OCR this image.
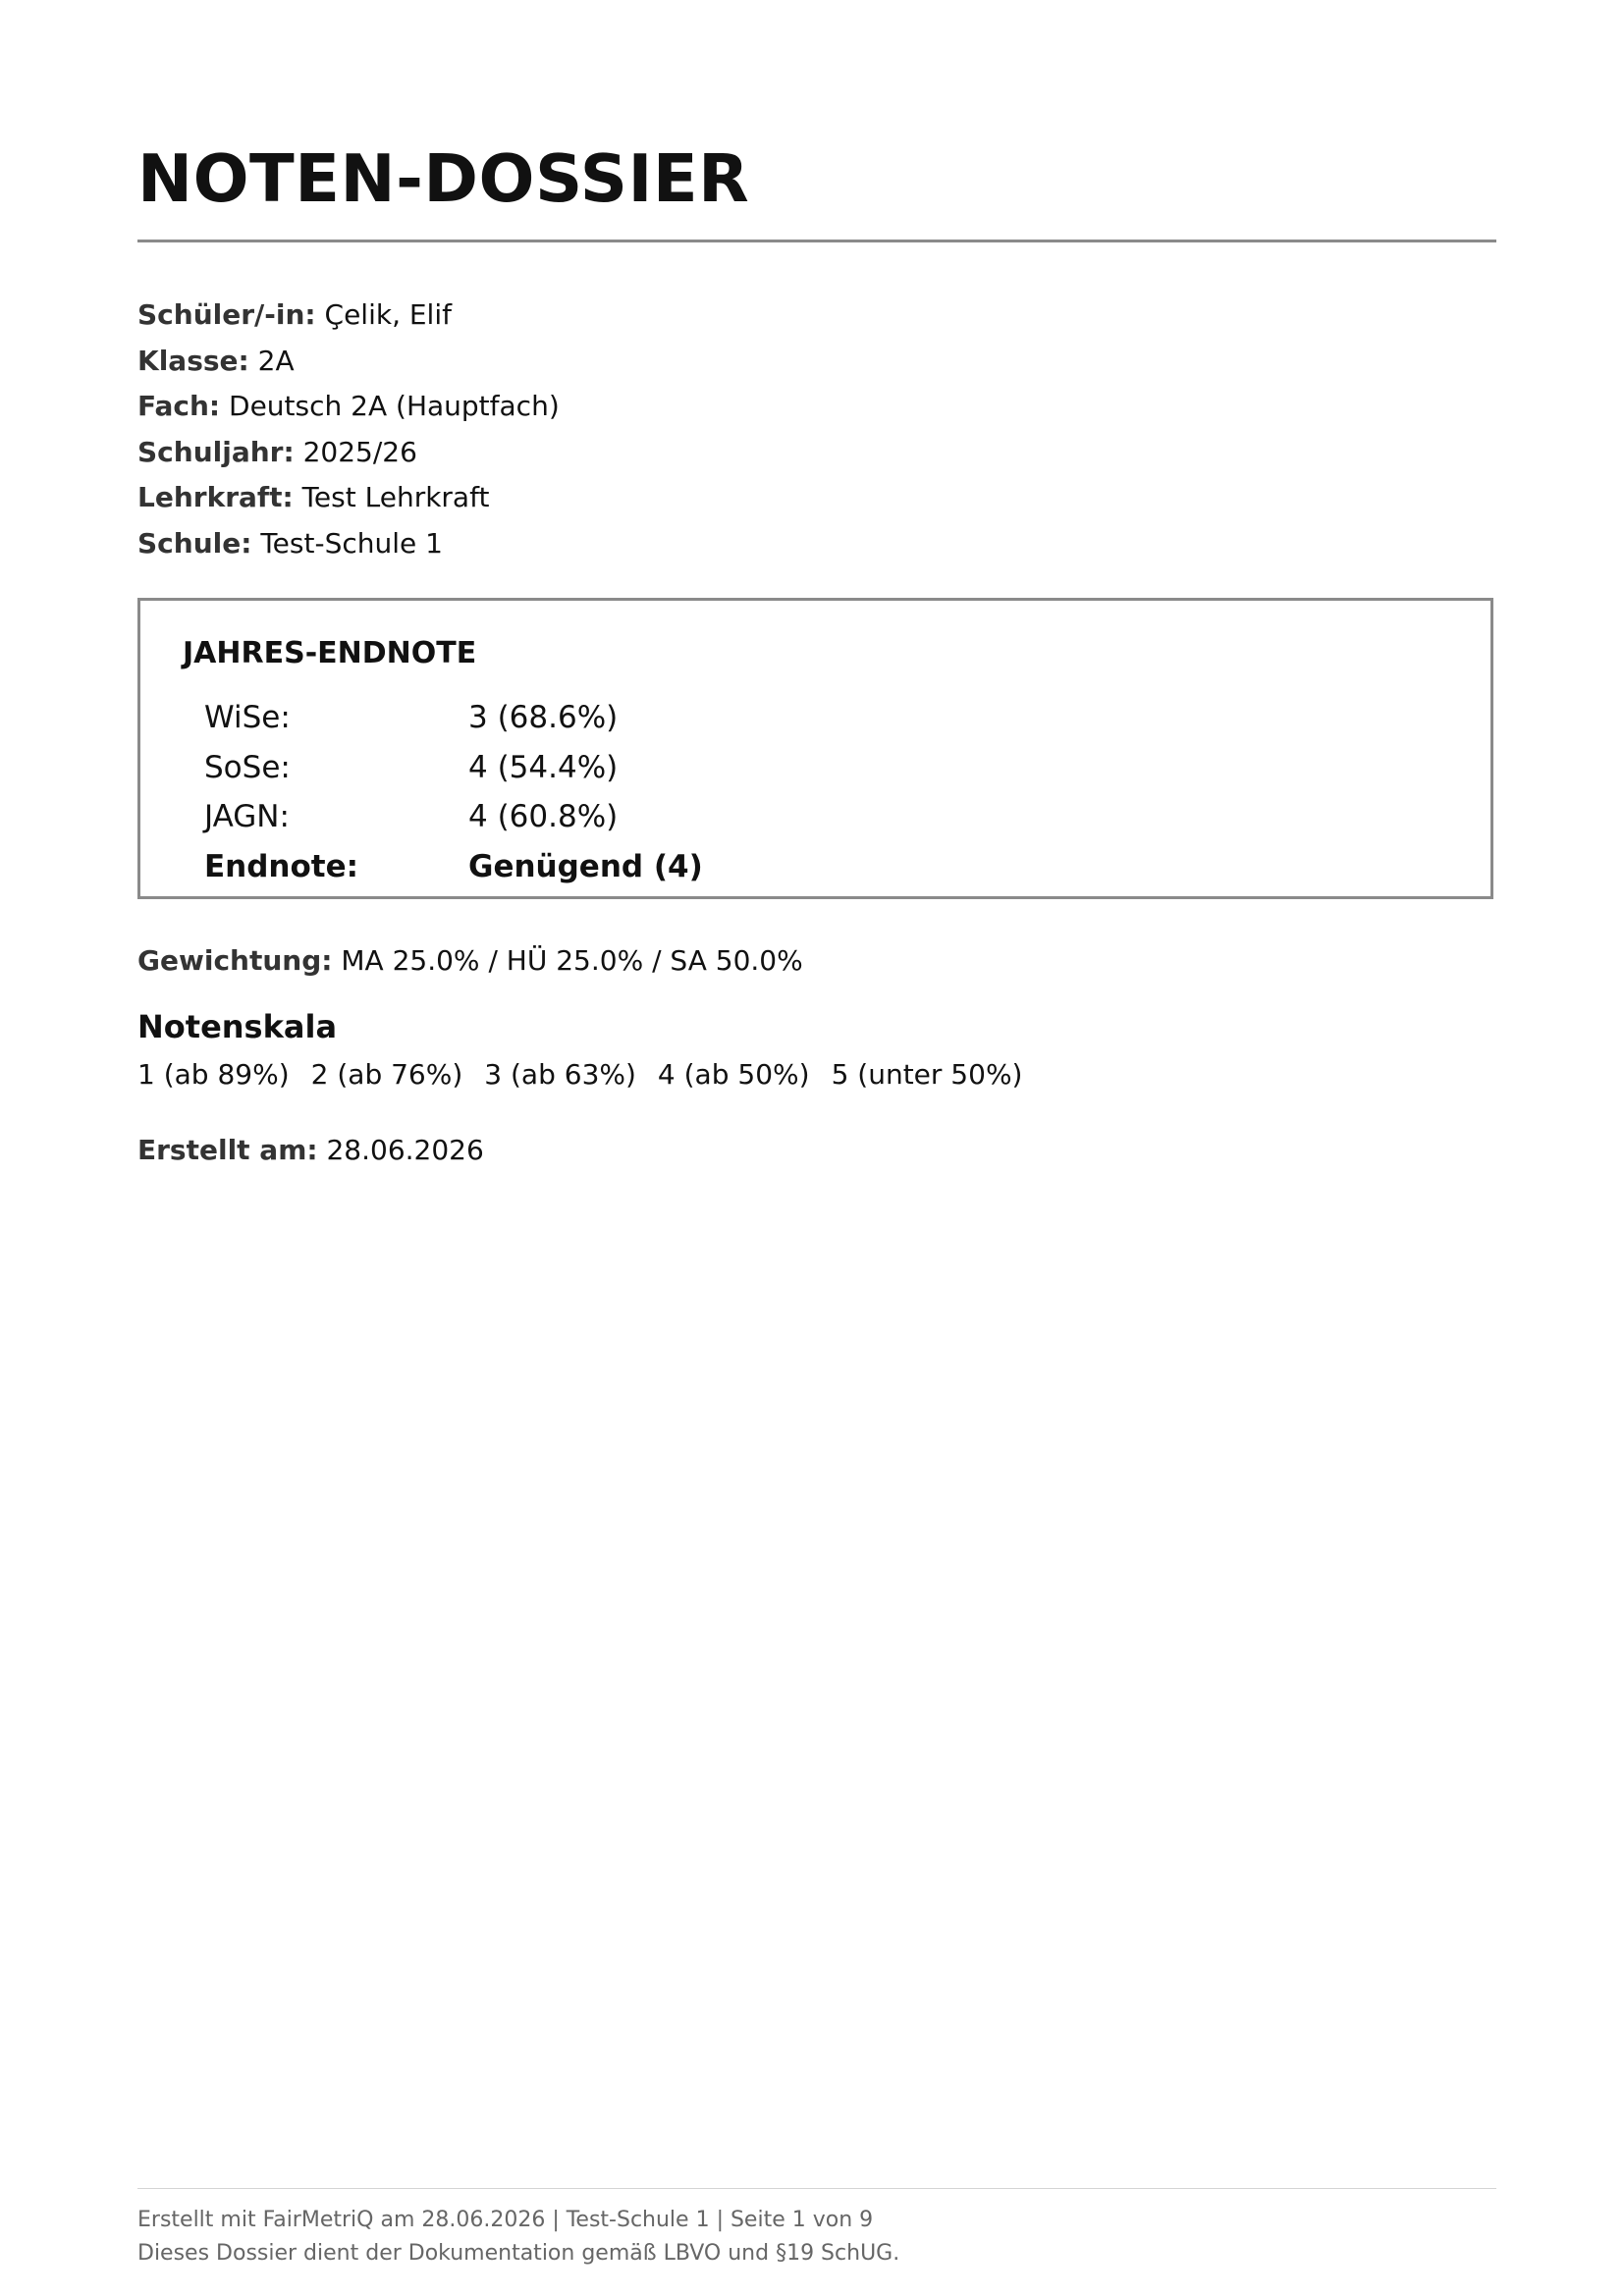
NOTEN-DOSSIER
Schüler/-in: Çelik, Elif
Klasse: 2A
Fach: Deutsch 2A (Hauptfach)
Schuljahr: 2025/26
Lehrkraft: Test Lehrkraft
Schule: Test-Schule 1
JAHRES-ENDNOTE
WiSe:	3 (68.6%)
SoSe:	4 (54.4%)
JAGN:	4 (60.8%)
Endnote:	Genügend (4)
Gewichtung: MA 25.0% / HÜ 25.0% / SA 50.0%
Notenskala
1 (ab 89%) 2 (ab 76%) 3 (ab 63%) 4 (ab 50%) 5 (unter 50%)
Erstellt am: 28.06.2026
Erstellt mit FairMetriQ am 28.06.2026 | Test-Schule 1 | Seite 1 von 9
Dieses Dossier dient der Dokumentation gemäß LBVO und §19 SchUG.
